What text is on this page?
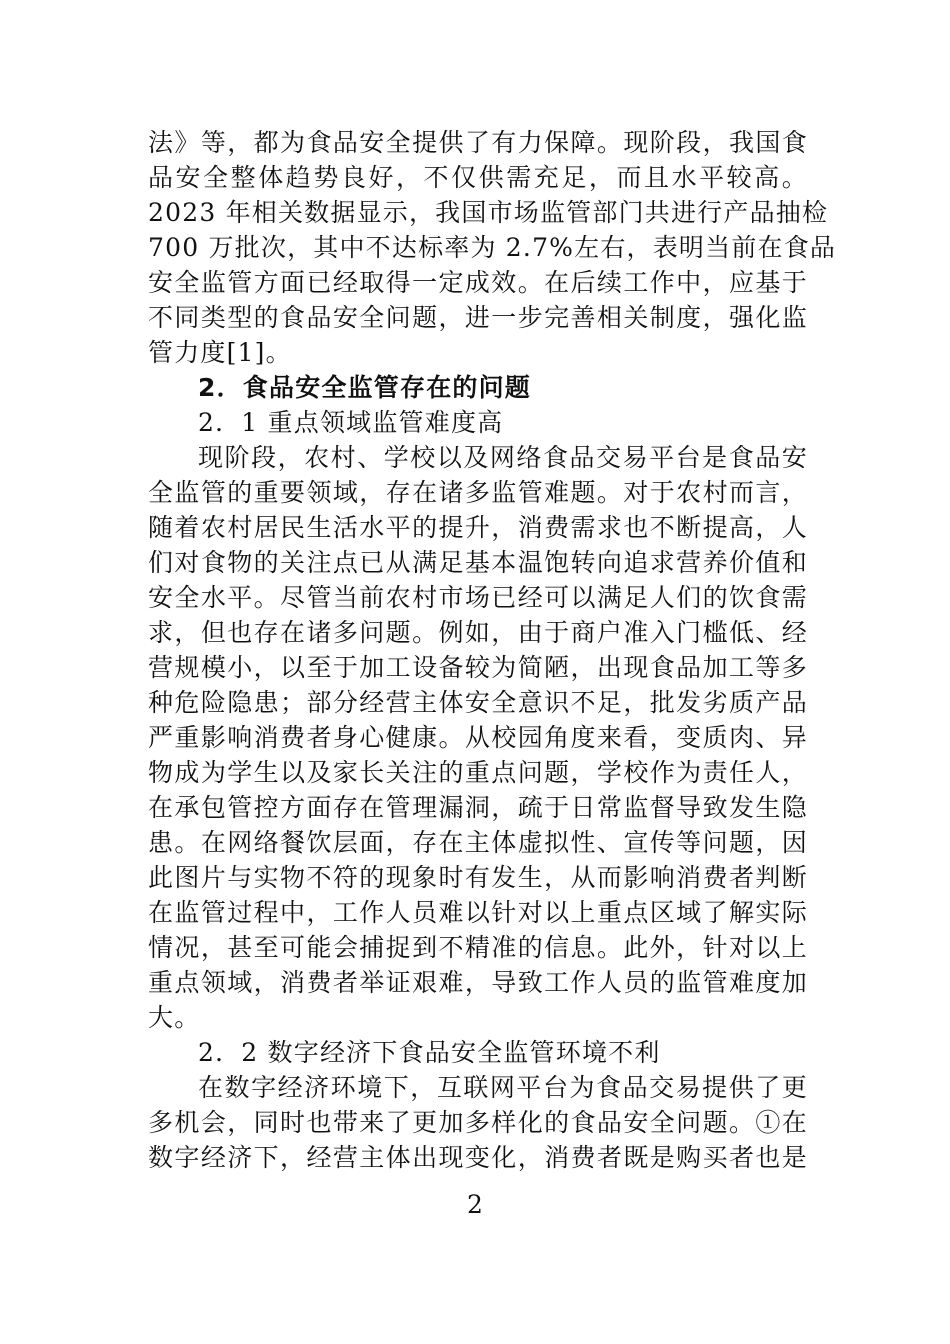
法》等，都为食品安全提供了有力保障。现阶段，我国食
品安全整体趋势良好，不仅供需充足，而且水平较高。
2023 年相关数据显示，我国市场监管部门共进行产品抽检
700 万批次，其中不达标率为 2.7%左右，表明当前在食品
安全监管方面已经取得一定成效。在后续工作中，应基于
不同类型的食品安全问题，进一步完善相关制度，强化监
管力度[1]。
2．食品安全监管存在的问题
2．1 重点领域监管难度高
现阶段，农村、学校以及网络食品交易平台是食品安
全监管的重要领域，存在诸多监管难题。对于农村而言，
随着农村居民生活水平的提升，消费需求也不断提高，人
们对食物的关注点已从满足基本温饱转向追求营养价值和
安全水平。尽管当前农村市场已经可以满足人们的饮食需
求，但也存在诸多问题。例如，由于商户准入门槛低、经
营规模小，以至于加工设备较为简陋，出现食品加工等多
种危险隐患；部分经营主体安全意识不足，批发劣质产品
严重影响消费者身心健康。从校园角度来看，变质肉、异
物成为学生以及家长关注的重点问题，学校作为责任人，
在承包管控方面存在管理漏洞，疏于日常监督导致发生隐
患。在网络餐饮层面，存在主体虚拟性、宣传等问题，因
此图片与实物不符的现象时有发生，从而影响消费者判断
在监管过程中，工作人员难以针对以上重点区域了解实际
情况，甚至可能会捕捉到不精准的信息。此外，针对以上
重点领域，消费者举证艰难，导致工作人员的监管难度加
大。
2．2 数字经济下食品安全监管环境不利
在数字经济环境下，互联网平台为食品交易提供了更
多机会，同时也带来了更加多样化的食品安全问题。①在
数字经济下，经营主体出现变化，消费者既是购买者也是
2
